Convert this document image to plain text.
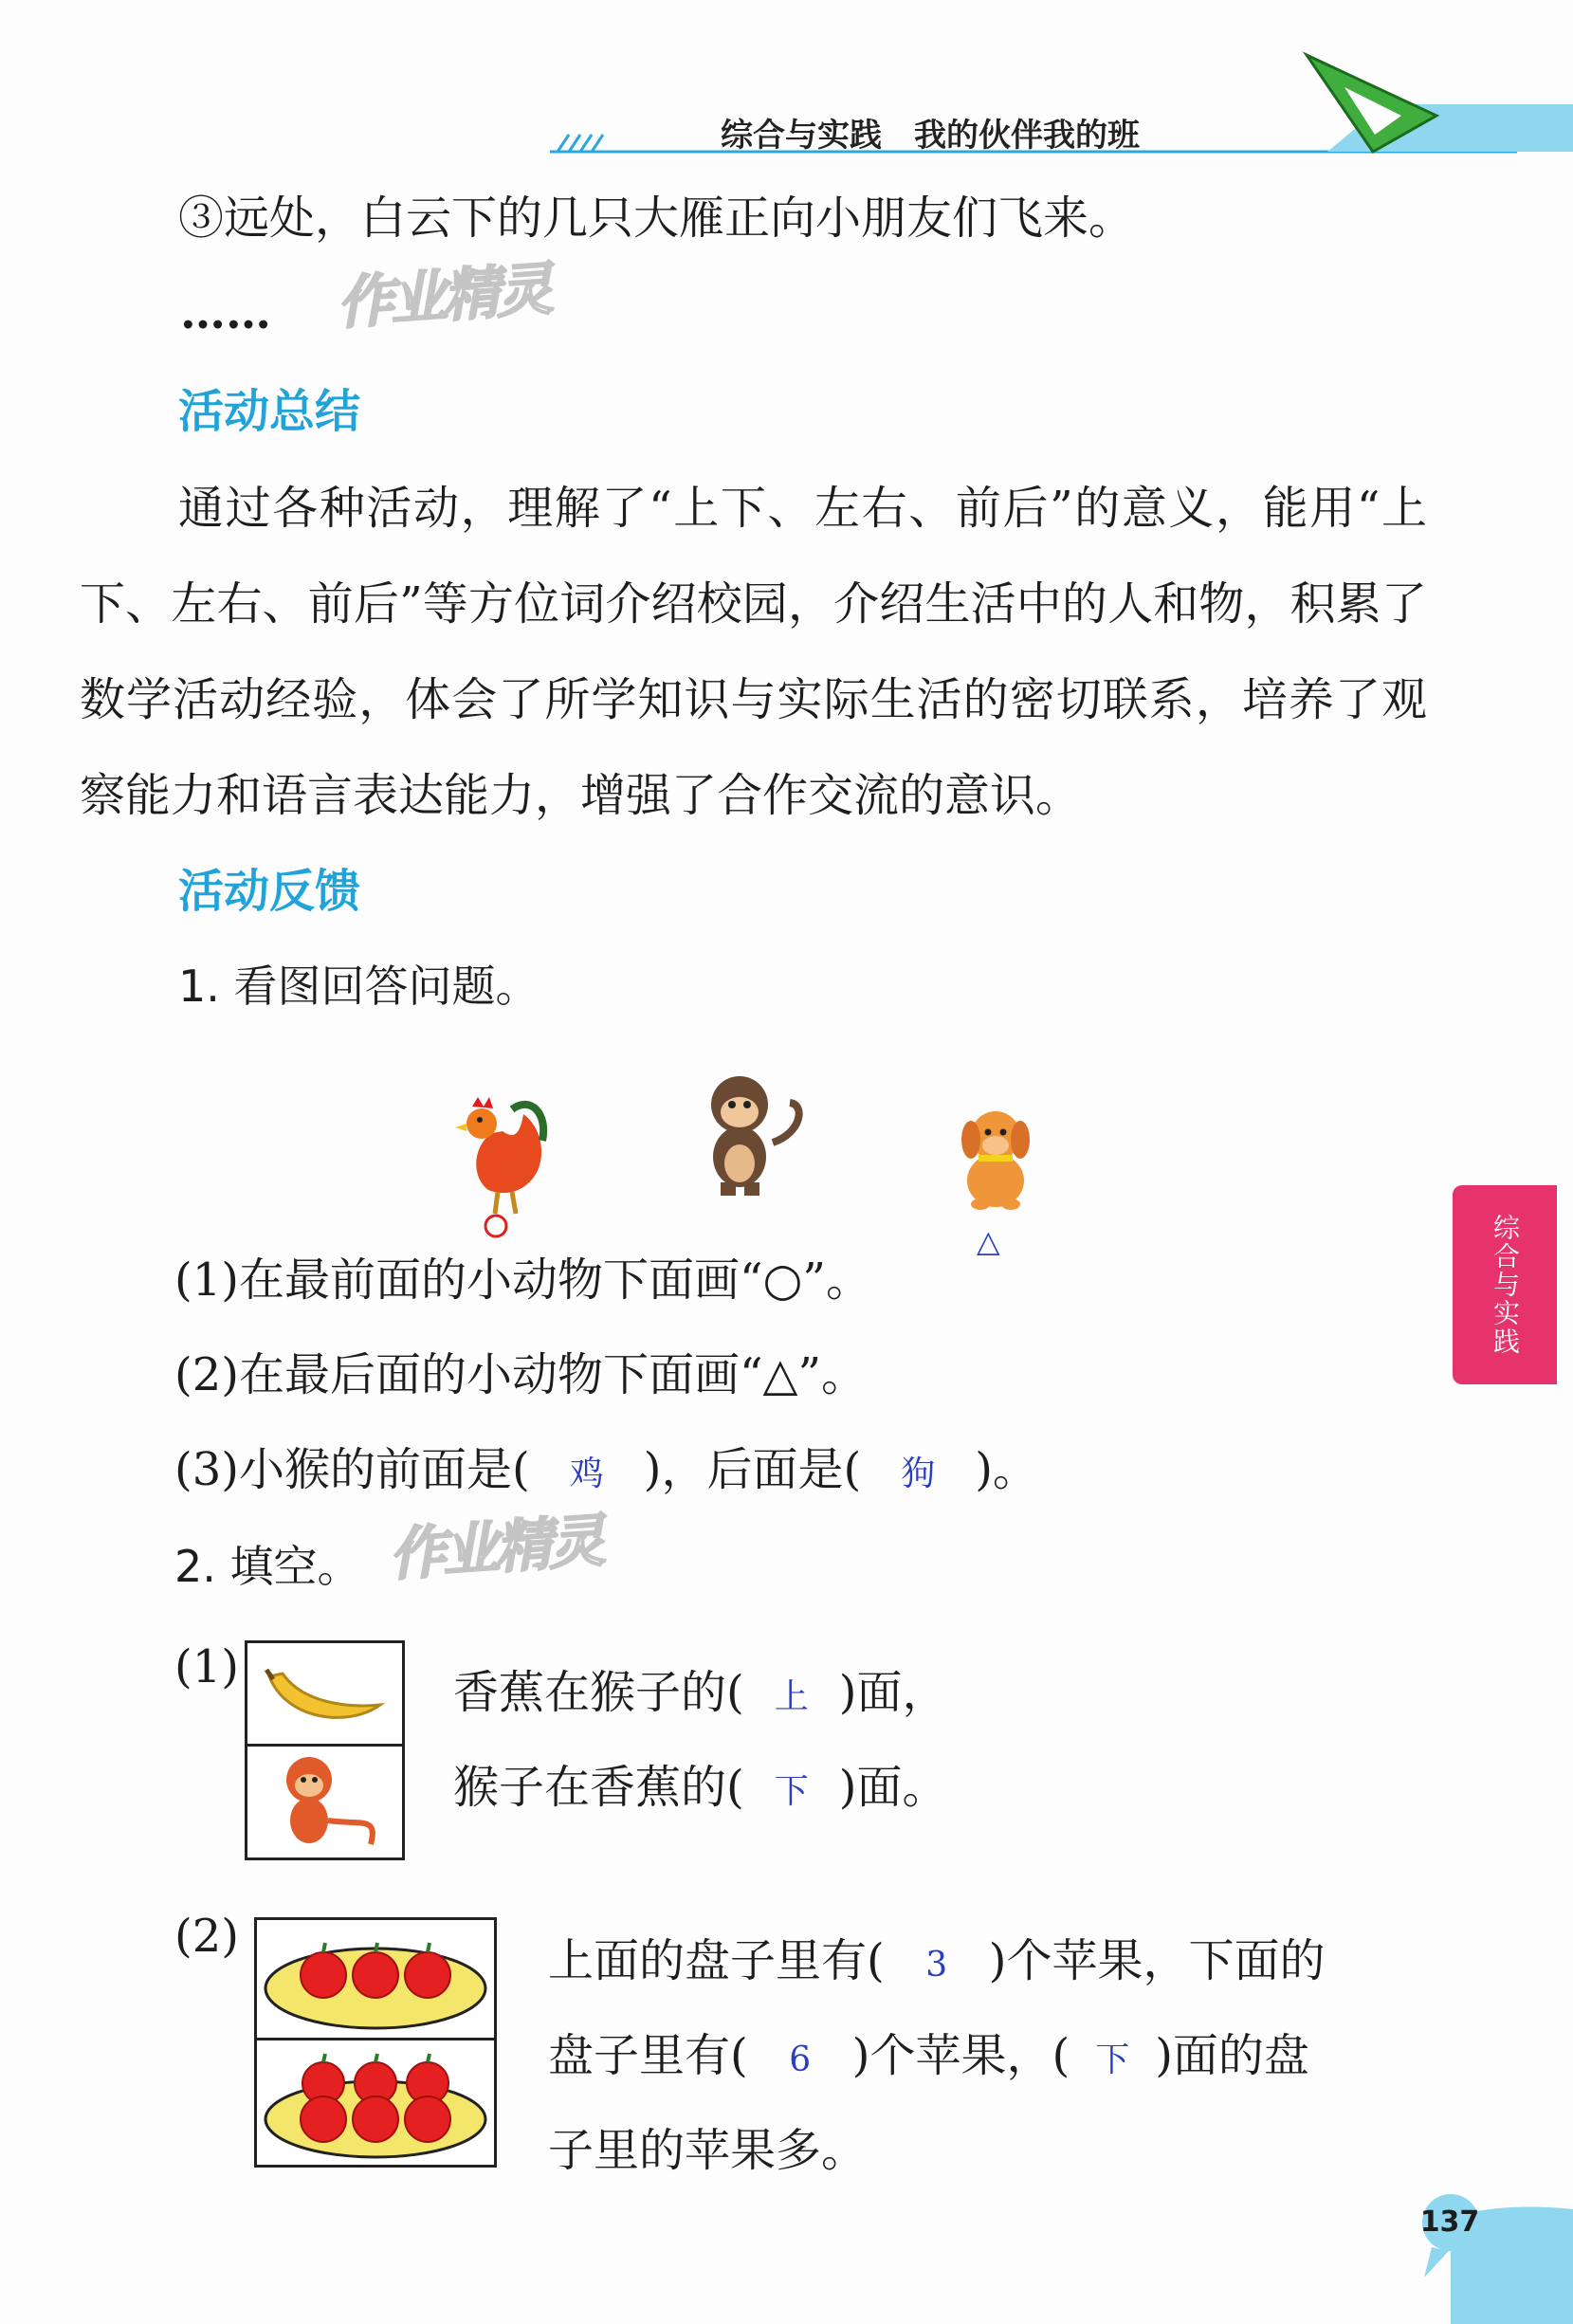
综合与实践　我的伙伴我的班
③远处，白云下的几只大雁正向小朋友们飞来。
…… 作业精灵
活动总结
通过各种活动，理解了“上下、左右、前后”的意义，能用“上下、左右、前后”等方位词介绍校园，介绍生活中的人和物，积累了数学活动经验，体会了所学知识与实际生活的密切联系，培养了观察能力和语言表达能力，增强了合作交流的意识。
活动反馈
1. 看图回答问题。
△
(1)在最前面的小动物下面画“○”。
(2)在最后面的小动物下面画“△”。
(3)小猴的前面是( 鸡 )，后面是( 狗 )。
2. 填空。 作业精灵
(1)	香蕉在猴子的( 上 )面，
猴子在香蕉的( 下 )面。
(2)	上面的盘子里有( 3 )个苹果，下面的
盘子里有( 6 )个苹果，( 下 )面的盘
子里的苹果多。
综合与实践
137
